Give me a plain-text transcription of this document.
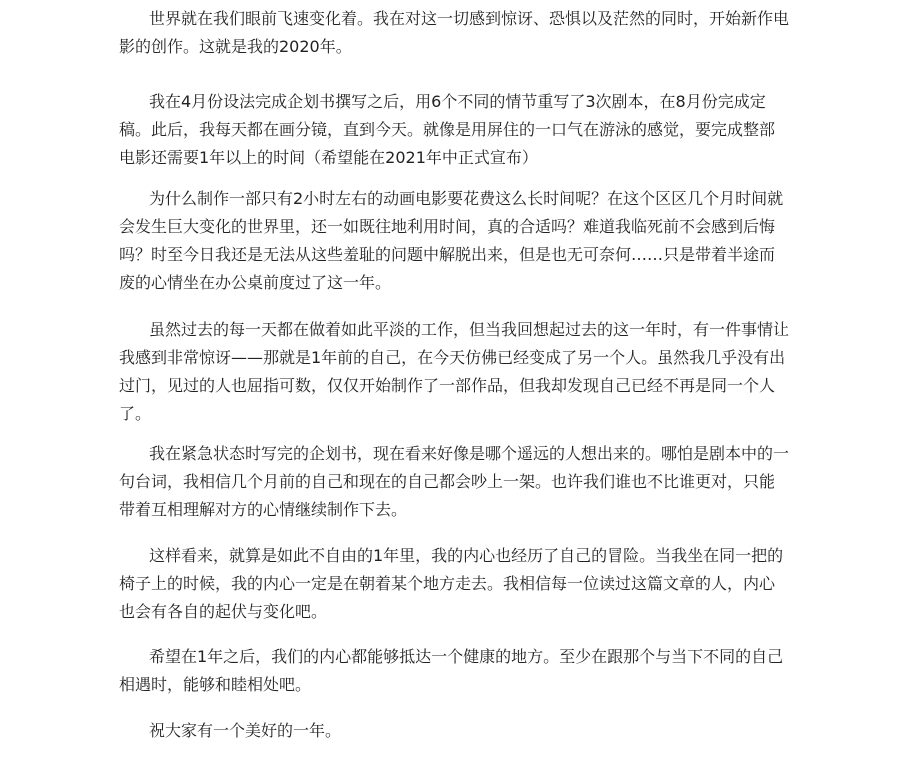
世界就在我们眼前飞速变化着。我在对这一切感到惊讶、恐惧以及茫然的同时，开始新作电影的创作。这就是我的2020年。

我在4月份设法完成企划书撰写之后，用6个不同的情节重写了3次剧本，在8月份完成定稿。此后，我每天都在画分镜，直到今天。就像是用屏住的一口气在游泳的感觉，要完成整部电影还需要1年以上的时间（希望能在2021年中正式宣布）

为什么制作一部只有2小时左右的动画电影要花费这么长时间呢？在这个区区几个月时间就会发生巨大变化的世界里，还一如既往地利用时间，真的合适吗？难道我临死前不会感到后悔吗？时至今日我还是无法从这些羞耻的问题中解脱出来，但是也无可奈何……只是带着半途而废的心情坐在办公桌前度过了这一年。

虽然过去的每一天都在做着如此平淡的工作，但当我回想起过去的这一年时，有一件事情让我感到非常惊讶——那就是1年前的自己，在今天仿佛已经变成了另一个人。虽然我几乎没有出过门，见过的人也屈指可数，仅仅开始制作了一部作品，但我却发现自己已经不再是同一个人了。

我在紧急状态时写完的企划书，现在看来好像是哪个遥远的人想出来的。哪怕是剧本中的一句台词，我相信几个月前的自己和现在的自己都会吵上一架。也许我们谁也不比谁更对，只能带着互相理解对方的心情继续制作下去。

这样看来，就算是如此不自由的1年里，我的内心也经历了自己的冒险。当我坐在同一把的椅子上的时候，我的内心一定是在朝着某个地方走去。我相信每一位读过这篇文章的人，内心也会有各自的起伏与变化吧。

希望在1年之后，我们的内心都能够抵达一个健康的地方。至少在跟那个与当下不同的自己相遇时，能够和睦相处吧。

祝大家有一个美好的一年。
